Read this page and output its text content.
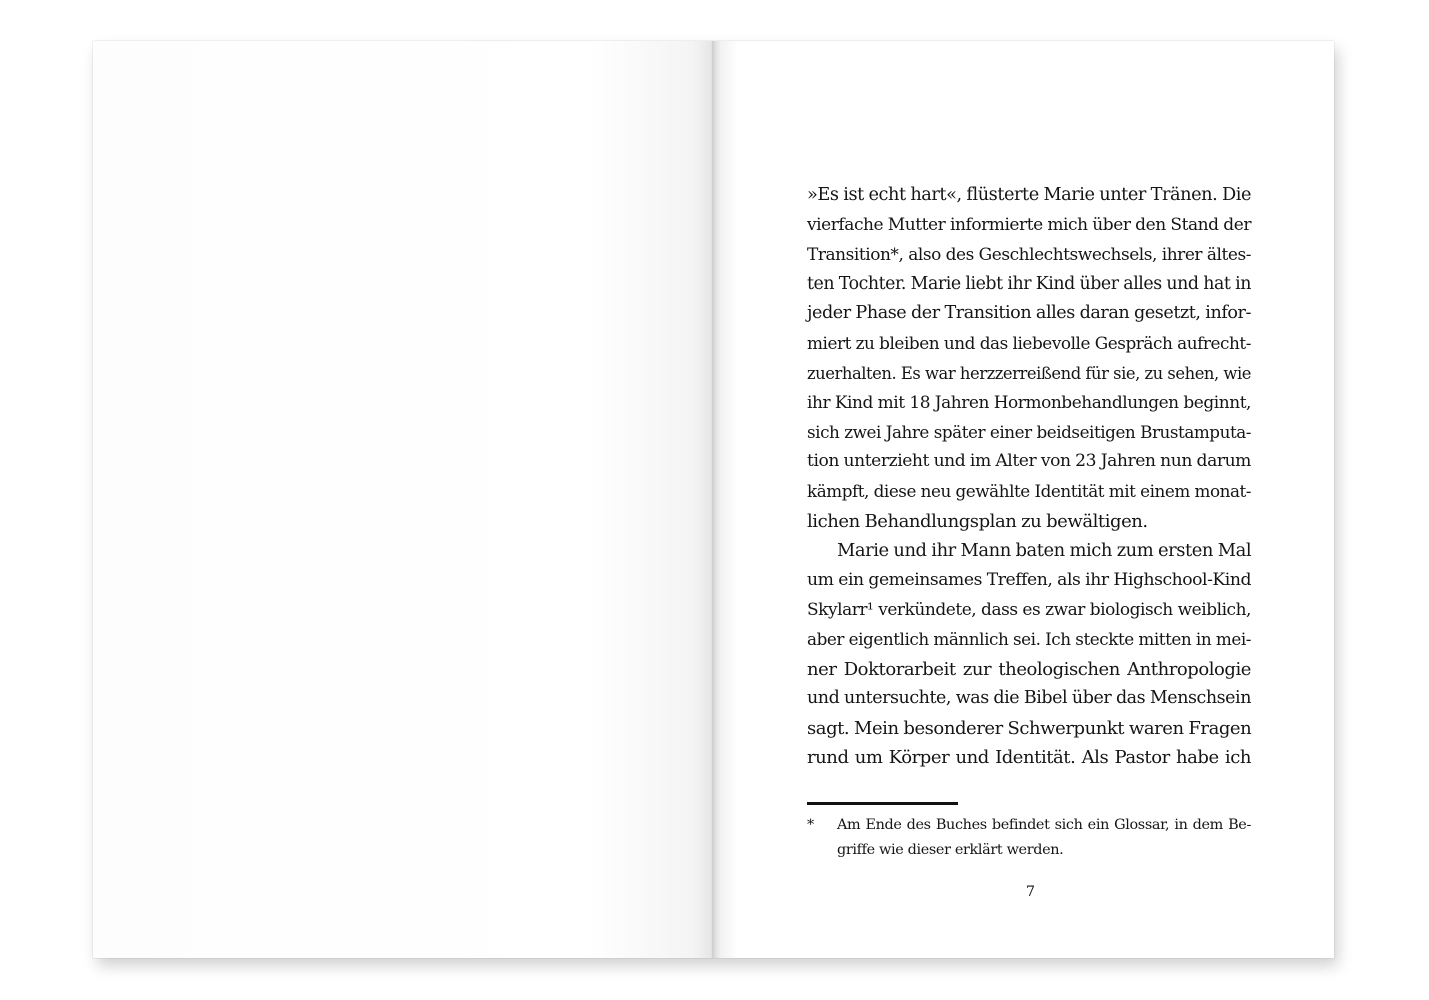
»Es ist echt hart«, flüsterte Marie unter Tränen. Die
vierfache Mutter informierte mich über den Stand der
Transition*, also des Geschlechtswechsels, ihrer ältes-
ten Tochter. Marie liebt ihr Kind über alles und hat in
jeder Phase der Transition alles daran gesetzt, infor-
miert zu bleiben und das liebevolle Gespräch aufrecht-
zuerhalten. Es war herzzerreißend für sie, zu sehen, wie
ihr Kind mit 18 Jahren Hormonbehandlungen beginnt,
sich zwei Jahre später einer beidseitigen Brustamputa-
tion unterzieht und im Alter von 23 Jahren nun darum
kämpft, diese neu gewählte Identität mit einem monat-
lichen Behandlungsplan zu bewältigen.
Marie und ihr Mann baten mich zum ersten Mal
um ein gemeinsames Treffen, als ihr Highschool-Kind
Skylarr¹ verkündete, dass es zwar biologisch weiblich,
aber eigentlich männlich sei. Ich steckte mitten in mei-
ner Doktorarbeit zur theologischen Anthropologie
und untersuchte, was die Bibel über das Menschsein
sagt. Mein besonderer Schwerpunkt waren Fragen
rund um Körper und Identität. Als Pastor habe ich
* Am Ende des Buches befindet sich ein Glossar, in dem Be-
griffe wie dieser erklärt werden.
7
